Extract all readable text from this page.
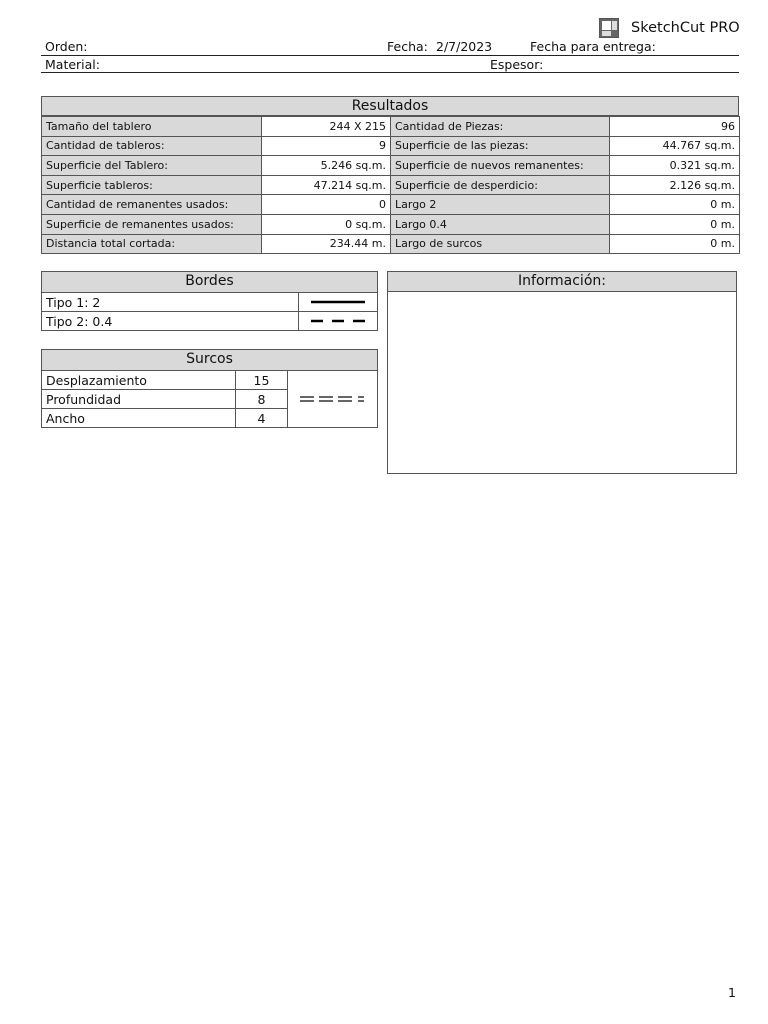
SketchCut PRO
Orden:	Fecha: 2/7/2023	Fecha para entrega:
Material:	Espesor:
Resultados
Tamaño del tablero	244 X 215	Cantidad de Piezas:	96
Cantidad de tableros:	9	Superficie de las piezas:	44.767 sq.m.
Superficie del Tablero:	5.246 sq.m.	Superficie de nuevos remanentes:	0.321 sq.m.
Superficie tableros:	47.214 sq.m.	Superficie de desperdicio:	2.126 sq.m.
Cantidad de remanentes usados:	0	Largo 2	0 m.
Superficie de remanentes usados:	0 sq.m.	Largo 0.4	0 m.
Distancia total cortada:	234.44 m.	Largo de surcos	0 m.
Bordes
Tipo 1: 2
Tipo 2: 0.4
Surcos
Desplazamiento	15
Profundidad	8
Ancho	4
Información:
1
